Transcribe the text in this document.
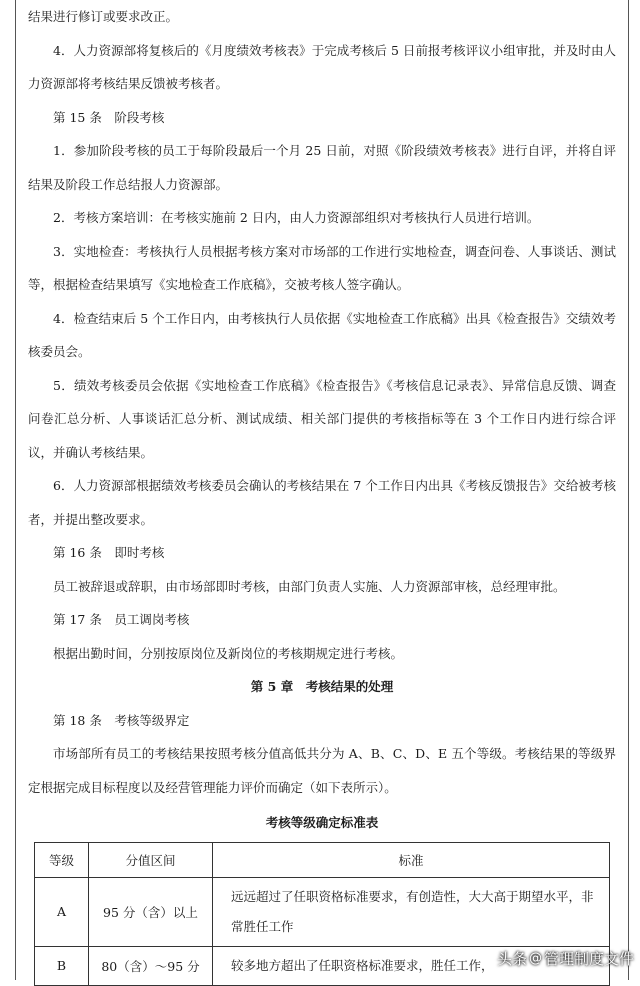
结果进行修订或要求改正。

4．人力资源部将复核后的《月度绩效考核表》于完成考核后 5 日前报考核评议小组审批，并及时由人力资源部将考核结果反馈被考核者。

第 15 条　阶段考核

1．参加阶段考核的员工于每阶段最后一个月 25 日前，对照《阶段绩效考核表》进行自评，并将自评结果及阶段工作总结报人力资源部。

2．考核方案培训：在考核实施前 2 日内，由人力资源部组织对考核执行人员进行培训。

3．实地检查：考核执行人员根据考核方案对市场部的工作进行实地检查，调查问卷、人事谈话、测试等，根据检查结果填写《实地检查工作底稿》，交被考核人签字确认。

4．检查结束后 5 个工作日内，由考核执行人员依据《实地检查工作底稿》出具《检查报告》交绩效考核委员会。

5．绩效考核委员会依据《实地检查工作底稿》《检查报告》《考核信息记录表》、异常信息反馈、调查问卷汇总分析、人事谈话汇总分析、测试成绩、相关部门提供的考核指标等在 3 个工作日内进行综合评议，并确认考核结果。

6．人力资源部根据绩效考核委员会确认的考核结果在 7 个工作日内出具《考核反馈报告》交给被考核者，并提出整改要求。

第 16 条　即时考核

员工被辞退或辞职，由市场部即时考核，由部门负责人实施、人力资源部审核，总经理审批。

第 17 条　员工调岗考核

根据出勤时间，分别按原岗位及新岗位的考核期规定进行考核。

第 5 章　考核结果的处理

第 18 条　考核等级界定

市场部所有员工的考核结果按照考核分值高低共分为 A、B、C、D、E 五个等级。考核结果的等级界定根据完成目标程度以及经营管理能力评价而确定（如下表所示）。

考核等级确定标准表
等级	分值区间	标准
A	95 分（含）以上	远远超过了任职资格标准要求，有创造性，大大高于期望水平，非常胜任工作
B	80（含）～95 分	较多地方超出了任职资格标准要求，胜任工作， 头条 @ 管理制度文件
